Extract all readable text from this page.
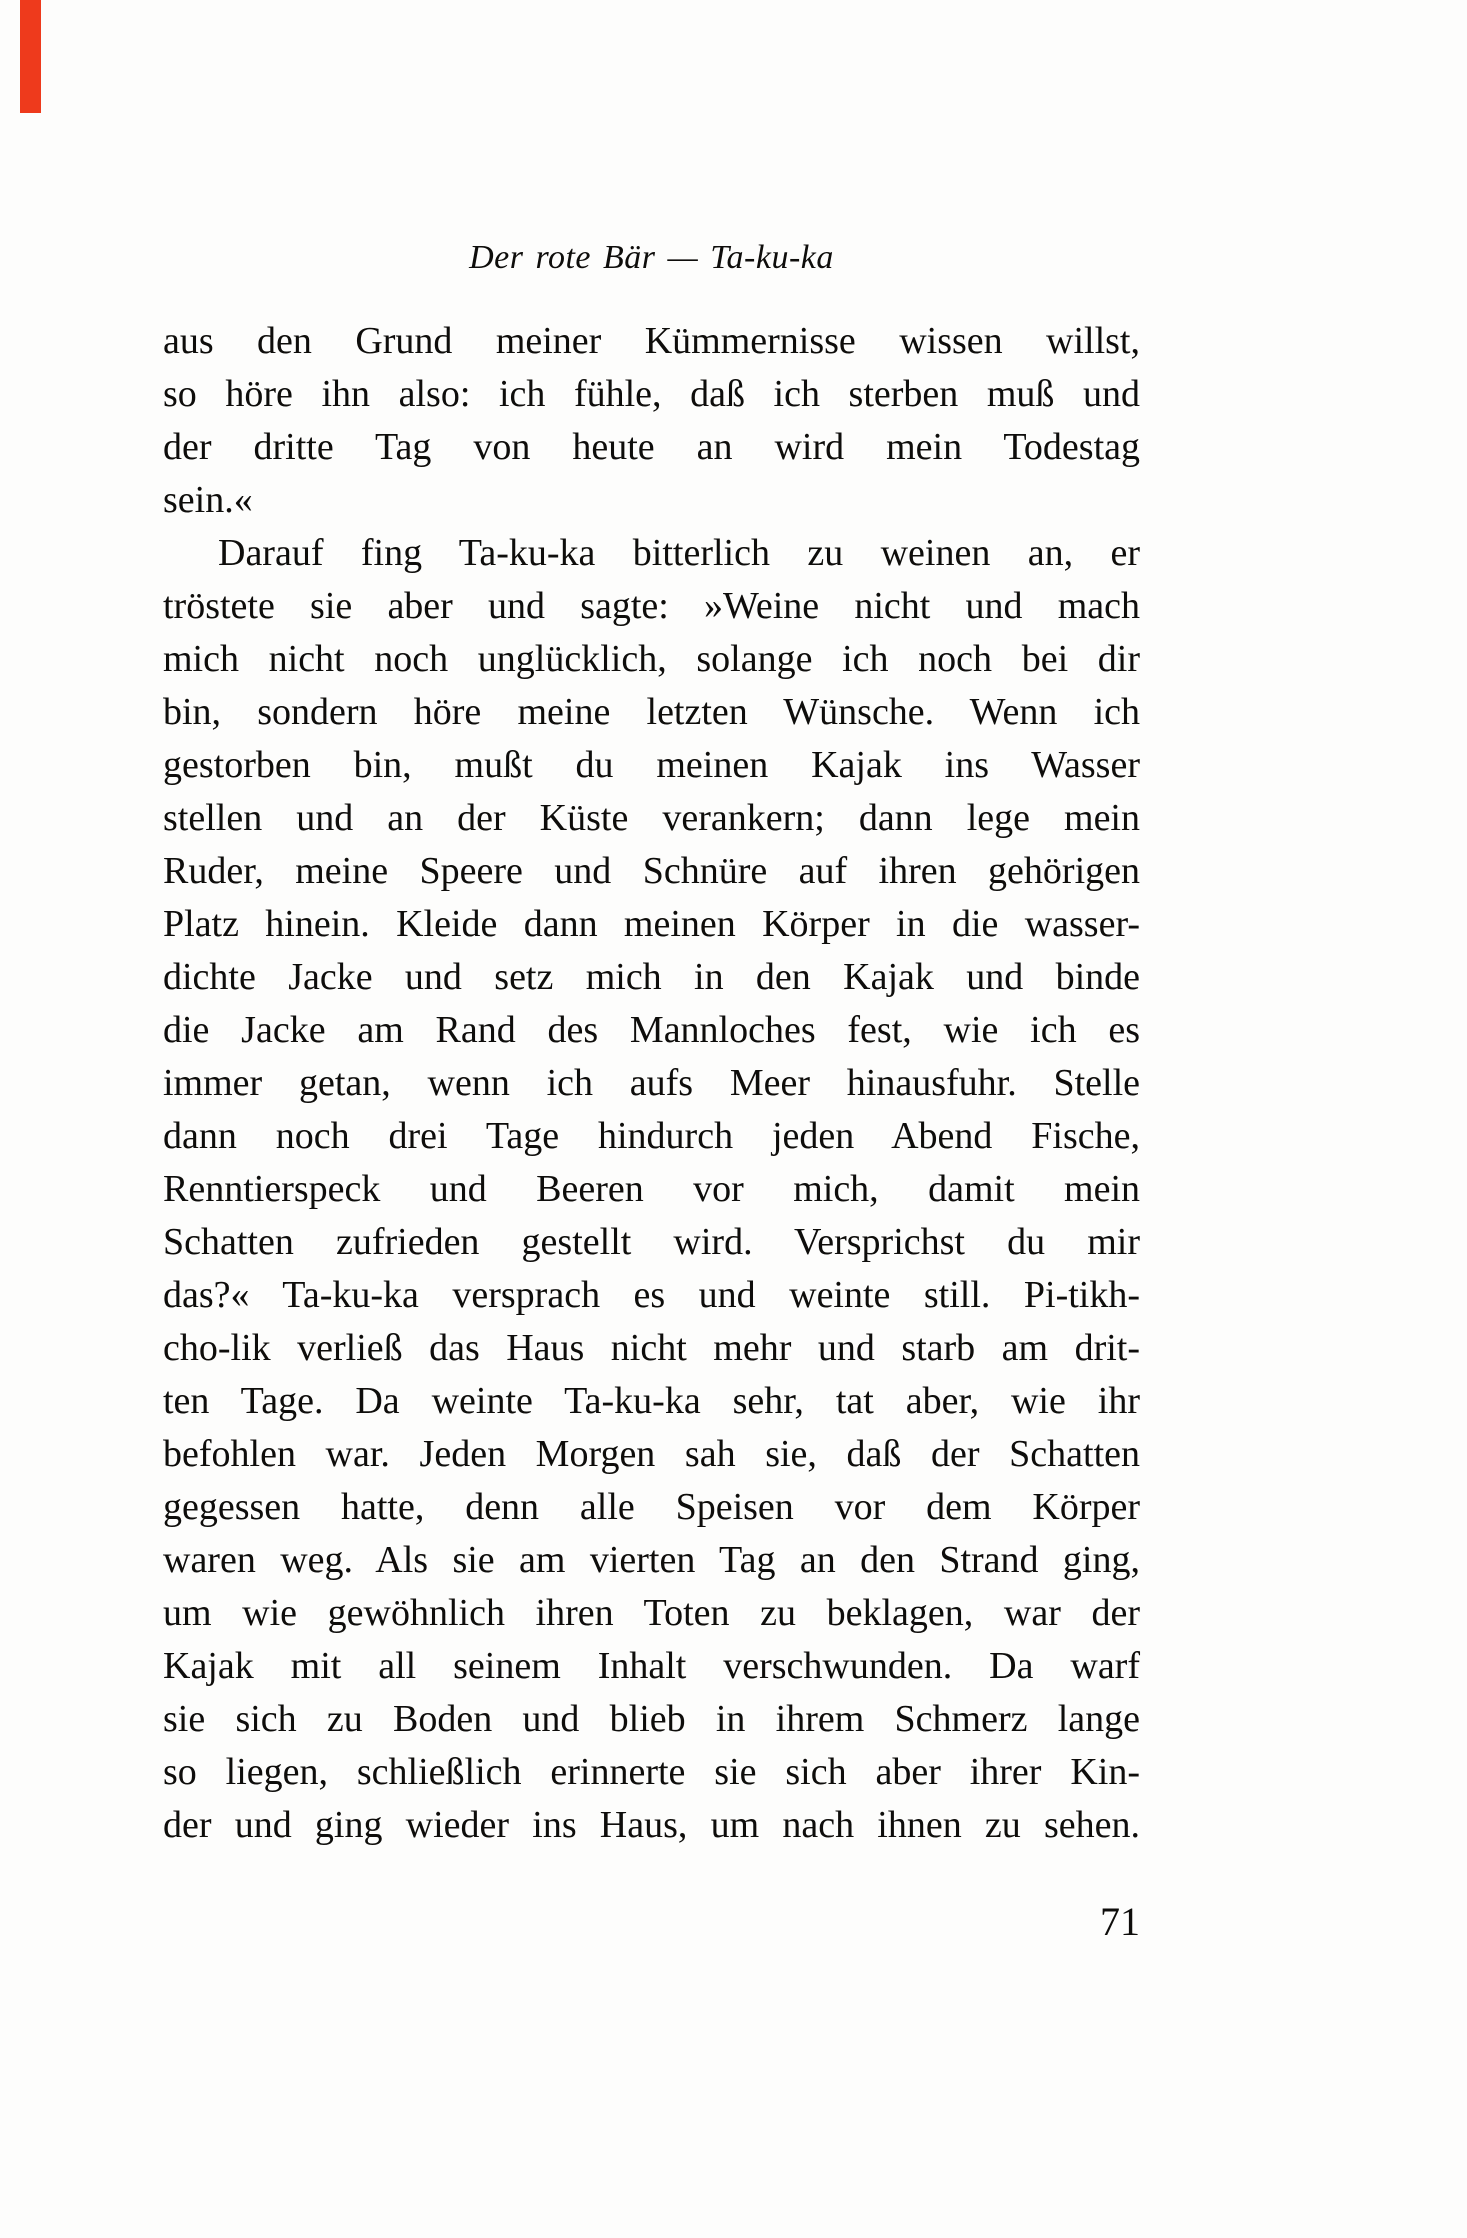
Der rote Bär — Ta-ku-ka
aus den Grund meiner Kümmernisse wissen willst,
so höre ihn also: ich fühle, daß ich sterben muß und
der dritte Tag von heute an wird mein Todestag
sein.«
Darauf fing Ta-ku-ka bitterlich zu weinen an, er
tröstete sie aber und sagte: »Weine nicht und mach
mich nicht noch unglücklich, solange ich noch bei dir
bin, sondern höre meine letzten Wünsche. Wenn ich
gestorben bin, mußt du meinen Kajak ins Wasser
stellen und an der Küste verankern; dann lege mein
Ruder, meine Speere und Schnüre auf ihren gehörigen
Platz hinein. Kleide dann meinen Körper in die wasser-
dichte Jacke und setz mich in den Kajak und binde
die Jacke am Rand des Mannloches fest, wie ich es
immer getan, wenn ich aufs Meer hinausfuhr. Stelle
dann noch drei Tage hindurch jeden Abend Fische,
Renntierspeck und Beeren vor mich, damit mein
Schatten zufrieden gestellt wird. Versprichst du mir
das?« Ta-ku-ka versprach es und weinte still. Pi-tikh-
cho-lik verließ das Haus nicht mehr und starb am drit-
ten Tage. Da weinte Ta-ku-ka sehr, tat aber, wie ihr
befohlen war. Jeden Morgen sah sie, daß der Schatten
gegessen hatte, denn alle Speisen vor dem Körper
waren weg. Als sie am vierten Tag an den Strand ging,
um wie gewöhnlich ihren Toten zu beklagen, war der
Kajak mit all seinem Inhalt verschwunden. Da warf
sie sich zu Boden und blieb in ihrem Schmerz lange
so liegen, schließlich erinnerte sie sich aber ihrer Kin-
der und ging wieder ins Haus, um nach ihnen zu sehen.
71
